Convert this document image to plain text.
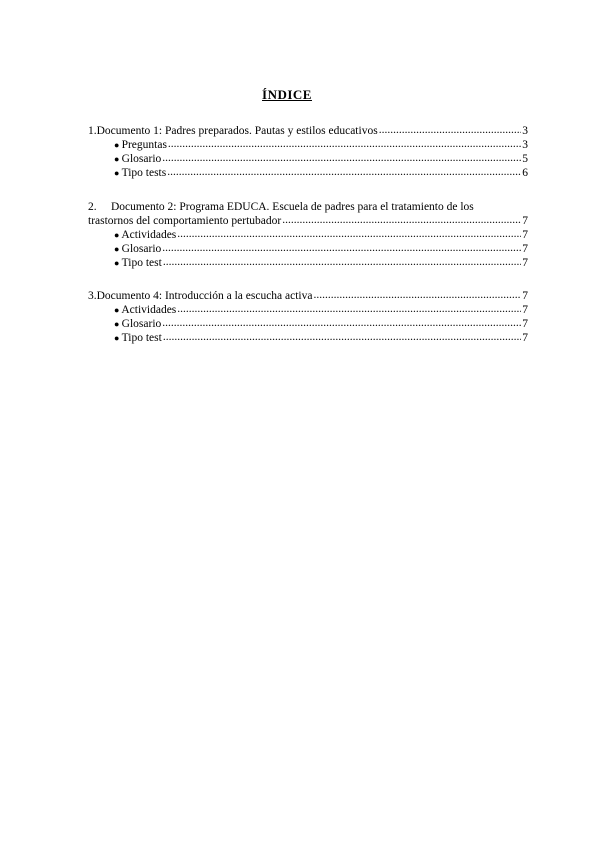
ÍNDICE
1. Documento 1: Padres preparados. Pautas y estilos educativos .....	3
● Preguntas .....	3
● Glosario .....	5
● Tipo tests .....	6
2.	Documento 2: Programa EDUCA. Escuela de padres para el tratamiento de los
trastornos del comportamiento pertubador .....	7
● Actividades .....	7
● Glosario .....	7
● Tipo test .....	7
3. Documento 4: Introducción a la escucha activa .....	7
● Actividades .....	7
● Glosario .....	7
● Tipo test .....	7
